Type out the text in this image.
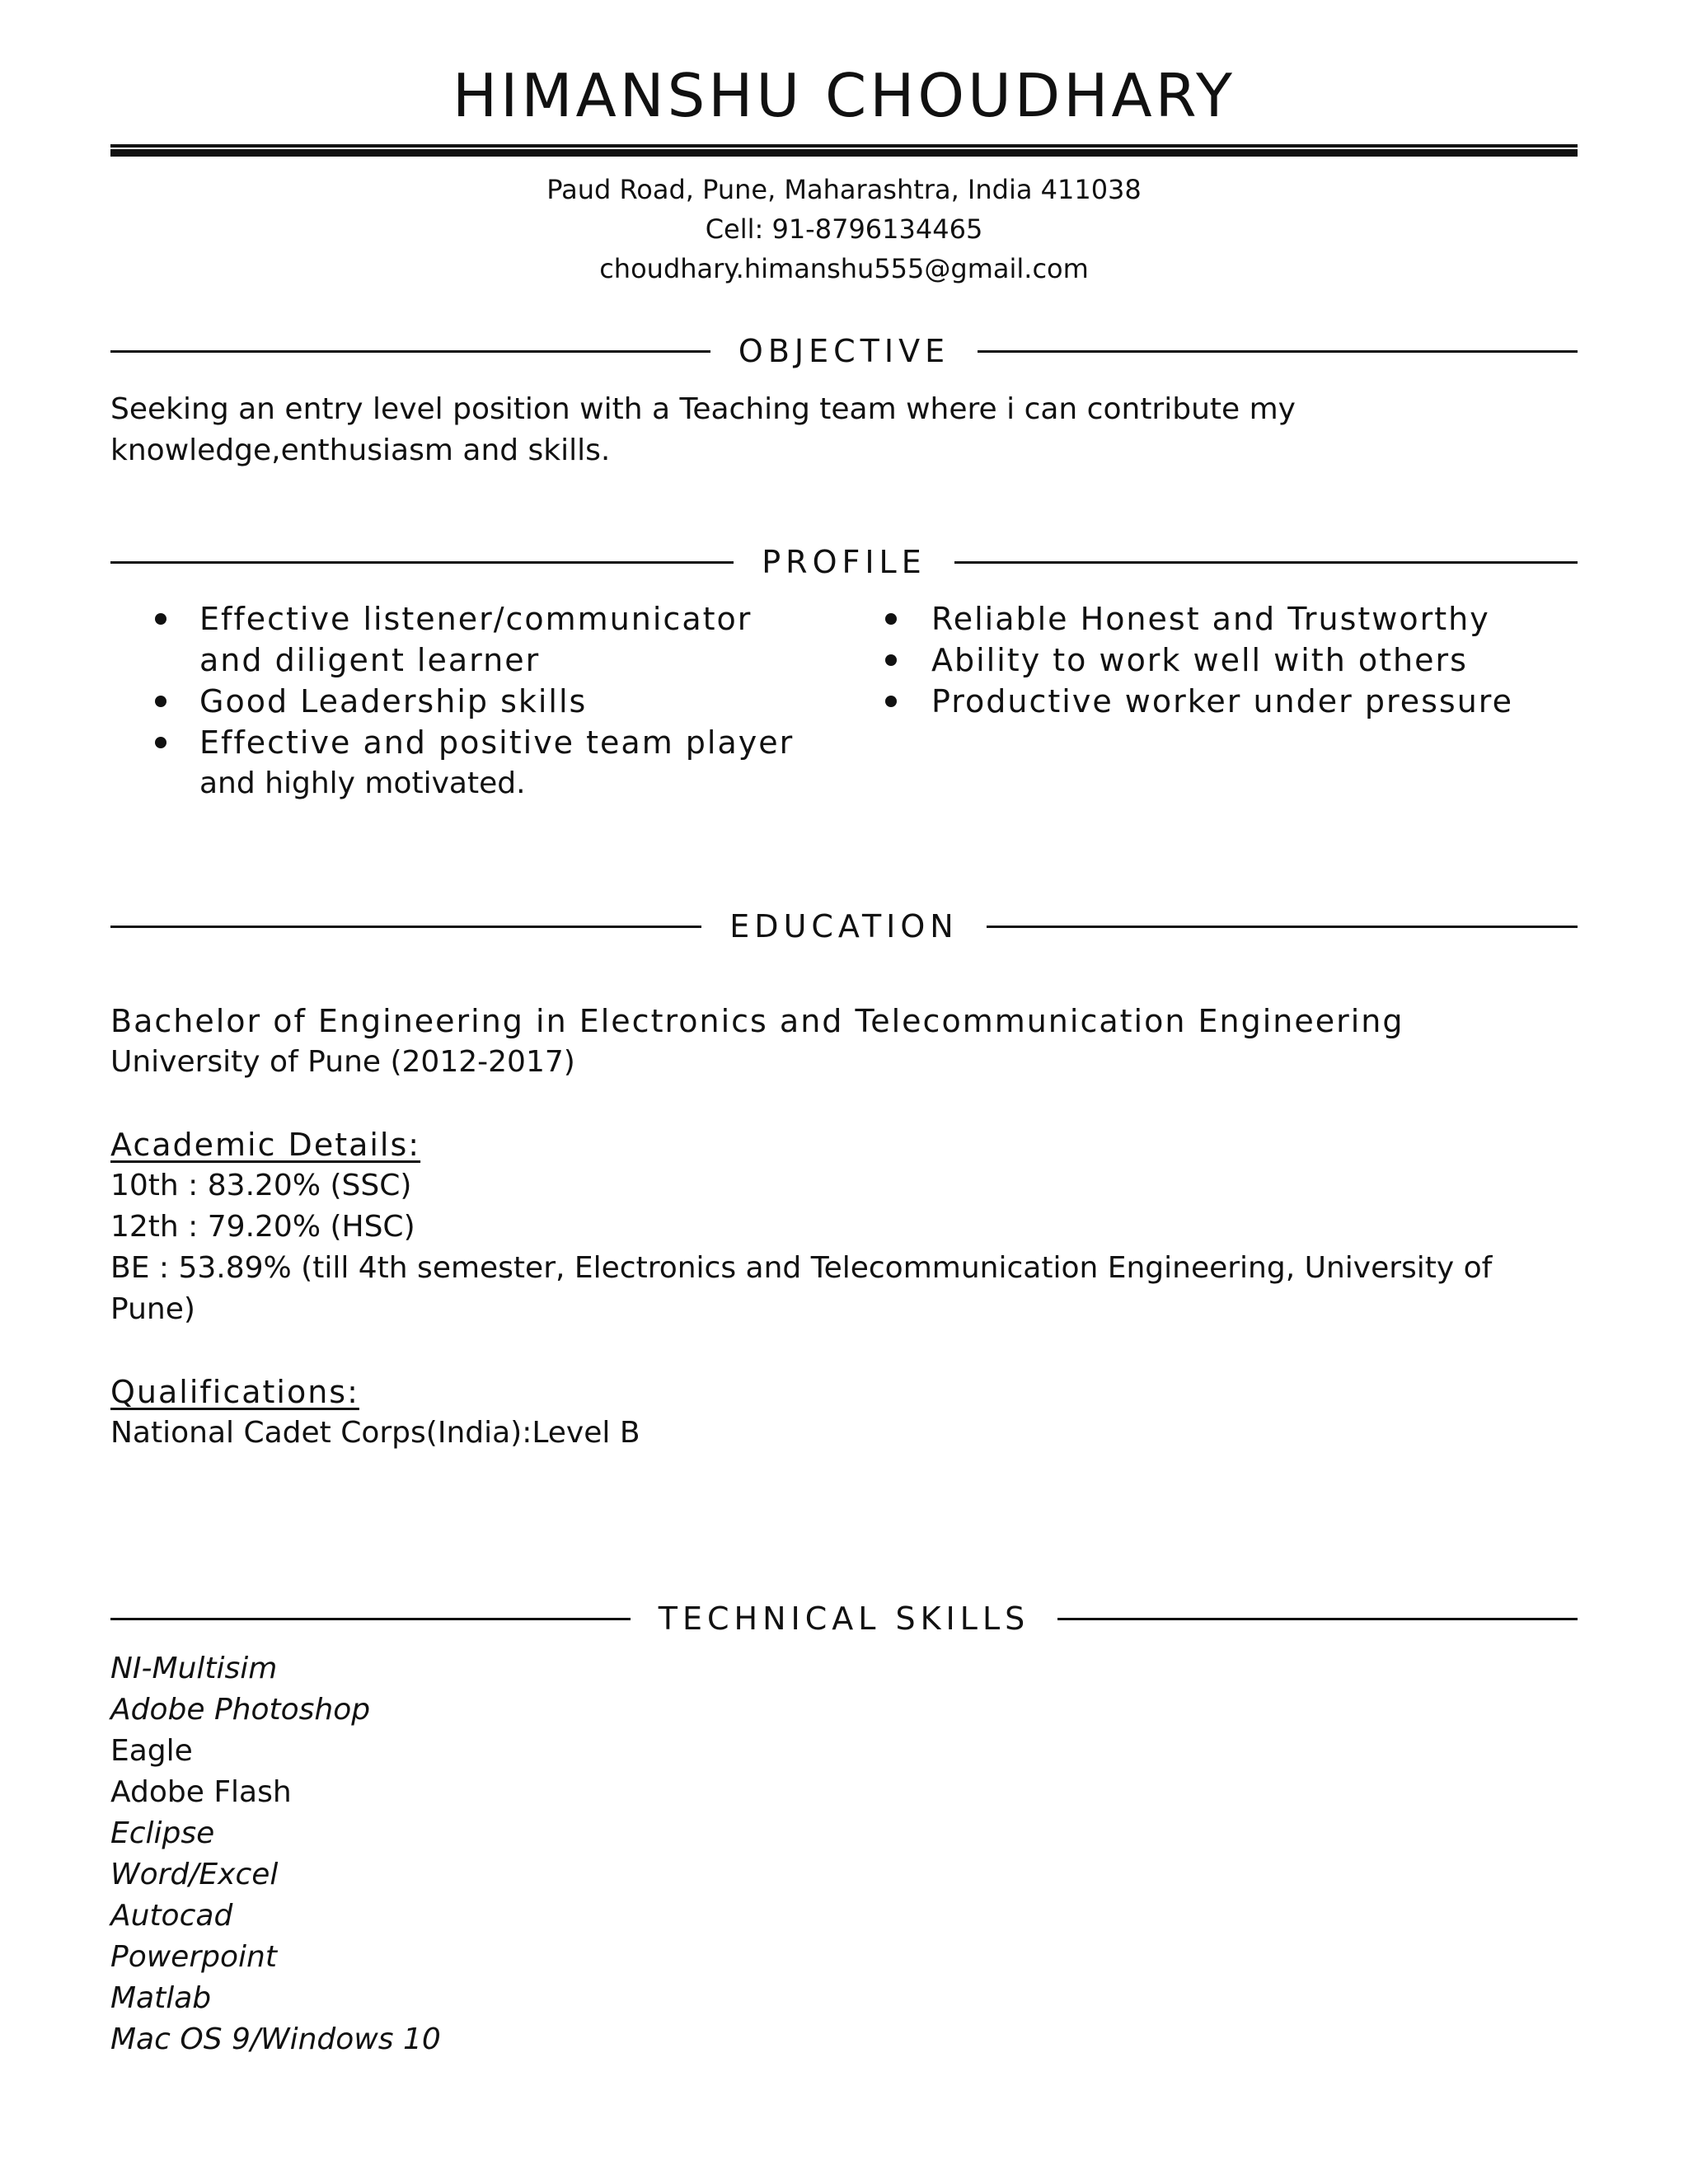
HIMANSHU CHOUDHARY
Paud Road, Pune, Maharashtra, India 411038
Cell: 91-8796134465
choudhary.himanshu555@gmail.com
OBJECTIVE
Seeking an entry level position with a Teaching team where i can contribute my
knowledge,enthusiasm and skills.
PROFILE
Effective listener/communicator
and diligent learner
Good Leadership skills
Effective and positive team player
and highly motivated.
Reliable Honest and Trustworthy
Ability to work well with others
Productive worker under pressure
EDUCATION
Bachelor of Engineering in Electronics and Telecommunication Engineering
University of Pune (2012-2017)
Academic Details:
10th : 83.20% (SSC)
12th : 79.20% (HSC)
BE : 53.89% (till 4th semester, Electronics and Telecommunication Engineering, University of
Pune)
Qualifications:
National Cadet Corps(India):Level B
TECHNICAL SKILLS
NI-Multisim
Adobe Photoshop
Eagle
Adobe Flash
Eclipse
Word/Excel
Autocad
Powerpoint
Matlab
Mac OS 9/Windows 10
